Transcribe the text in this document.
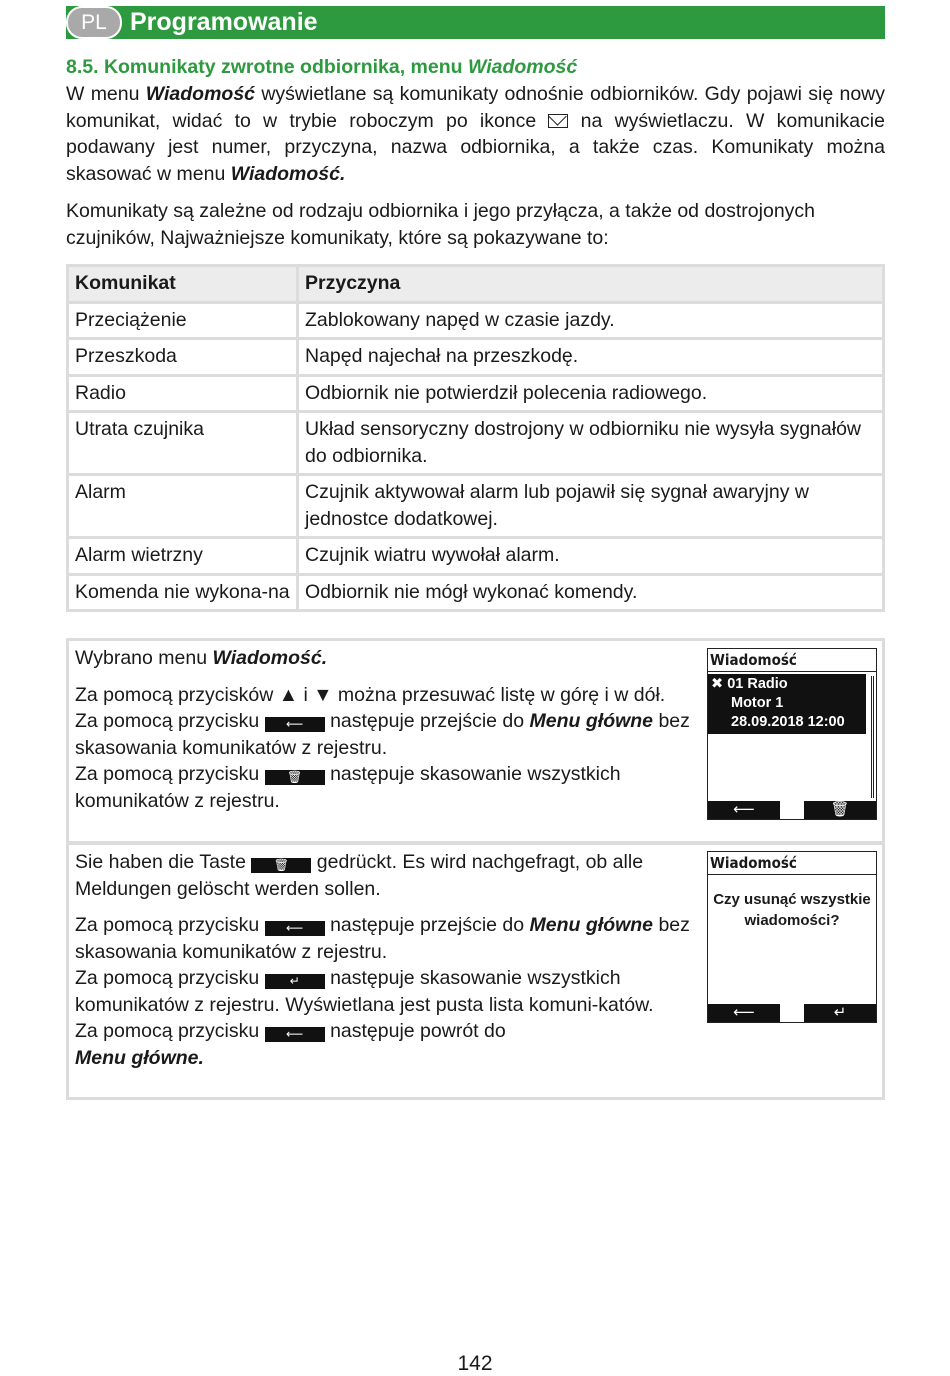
PL Programowanie
8.5. Komunikaty zwrotne odbiornika, menu Wiadomość
W menu Wiadomość wyświetlane są komunikaty odnośnie odbiorników. Gdy pojawi się nowy komunikat, widać to w trybie roboczym po ikonce  na wyświetlaczu. W komunikacie podawany jest numer, przyczyna, nazwa odbiornika, a także czas. Komunikaty można skasować w menu Wiadomość.
Komunikaty są zależne od rodzaju odbiornika i jego przyłącza, a także od dostrojonych czujników, Najważniejsze komunikaty, które są pokazywane to:
Komunikat	Przyczyna
Przeciążenie	Zablokowany napęd w czasie jazdy.
Przeszkoda	Napęd najechał na przeszkodę.
Radio	Odbiornik nie potwierdził polecenia radiowego.
Utrata czujnika	Układ sensoryczny dostrojony w odbiorniku nie wysyła sygnałów do odbiornika.
Alarm	Czujnik aktywował alarm lub pojawił się sygnał awaryjny w jednostce dodatkowej.
Alarm wietrzny	Czujnik wiatru wywołał alarm.
Komenda nie wykona-na	Odbiornik nie mógł wykonać komendy.

Wybrano menu Wiadomość.

Za pomocą przycisków ▲ i ▼ można przesuwać listę w górę i w dół.

Za pomocą przycisku ⟵ następuje przejście do Menu główne bez skasowania komunikatów z rejestru.

Za pomocą przycisku 🗑 następuje skasowanie wszystkich komunikatów z rejestru.

Wiadomość
✖ 01 Radio
Motor 1
28.09.2018 12:00
⟵	🗑

Sie haben die Taste 🗑 gedrückt. Es wird nachgefragt, ob alle Meldungen gelöscht werden sollen.

Za pomocą przycisku ⟵ następuje przejście do Menu główne bez skasowania komunikatów z rejestru.

Za pomocą przycisku ↵ następuje skasowanie wszystkich komunikatów z rejestru. Wyświetlana jest pusta lista komuni-katów.

Za pomocą przycisku ⟵ następuje powrót do
Menu główne.

Wiadomość
Czy usunąć wszystkie
wiadomości?
⟵	↵
142
